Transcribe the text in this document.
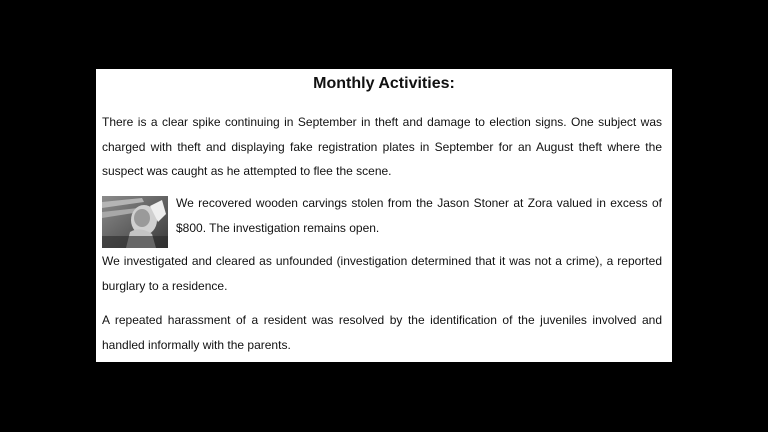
Monthly Activities:

There is a clear spike continuing in September in theft and damage to election signs. One subject was charged with theft and displaying fake registration plates in September for an August theft where the suspect was caught as he attempted to flee the scene.

We recovered wooden carvings stolen from the Jason Stoner at Zora valued in excess of $800. The investigation remains open.

We investigated and cleared as unfounded (investigation determined that it was not a crime), a reported burglary to a residence.

A repeated harassment of a resident was resolved by the identification of the juveniles involved and handled informally with the parents.
